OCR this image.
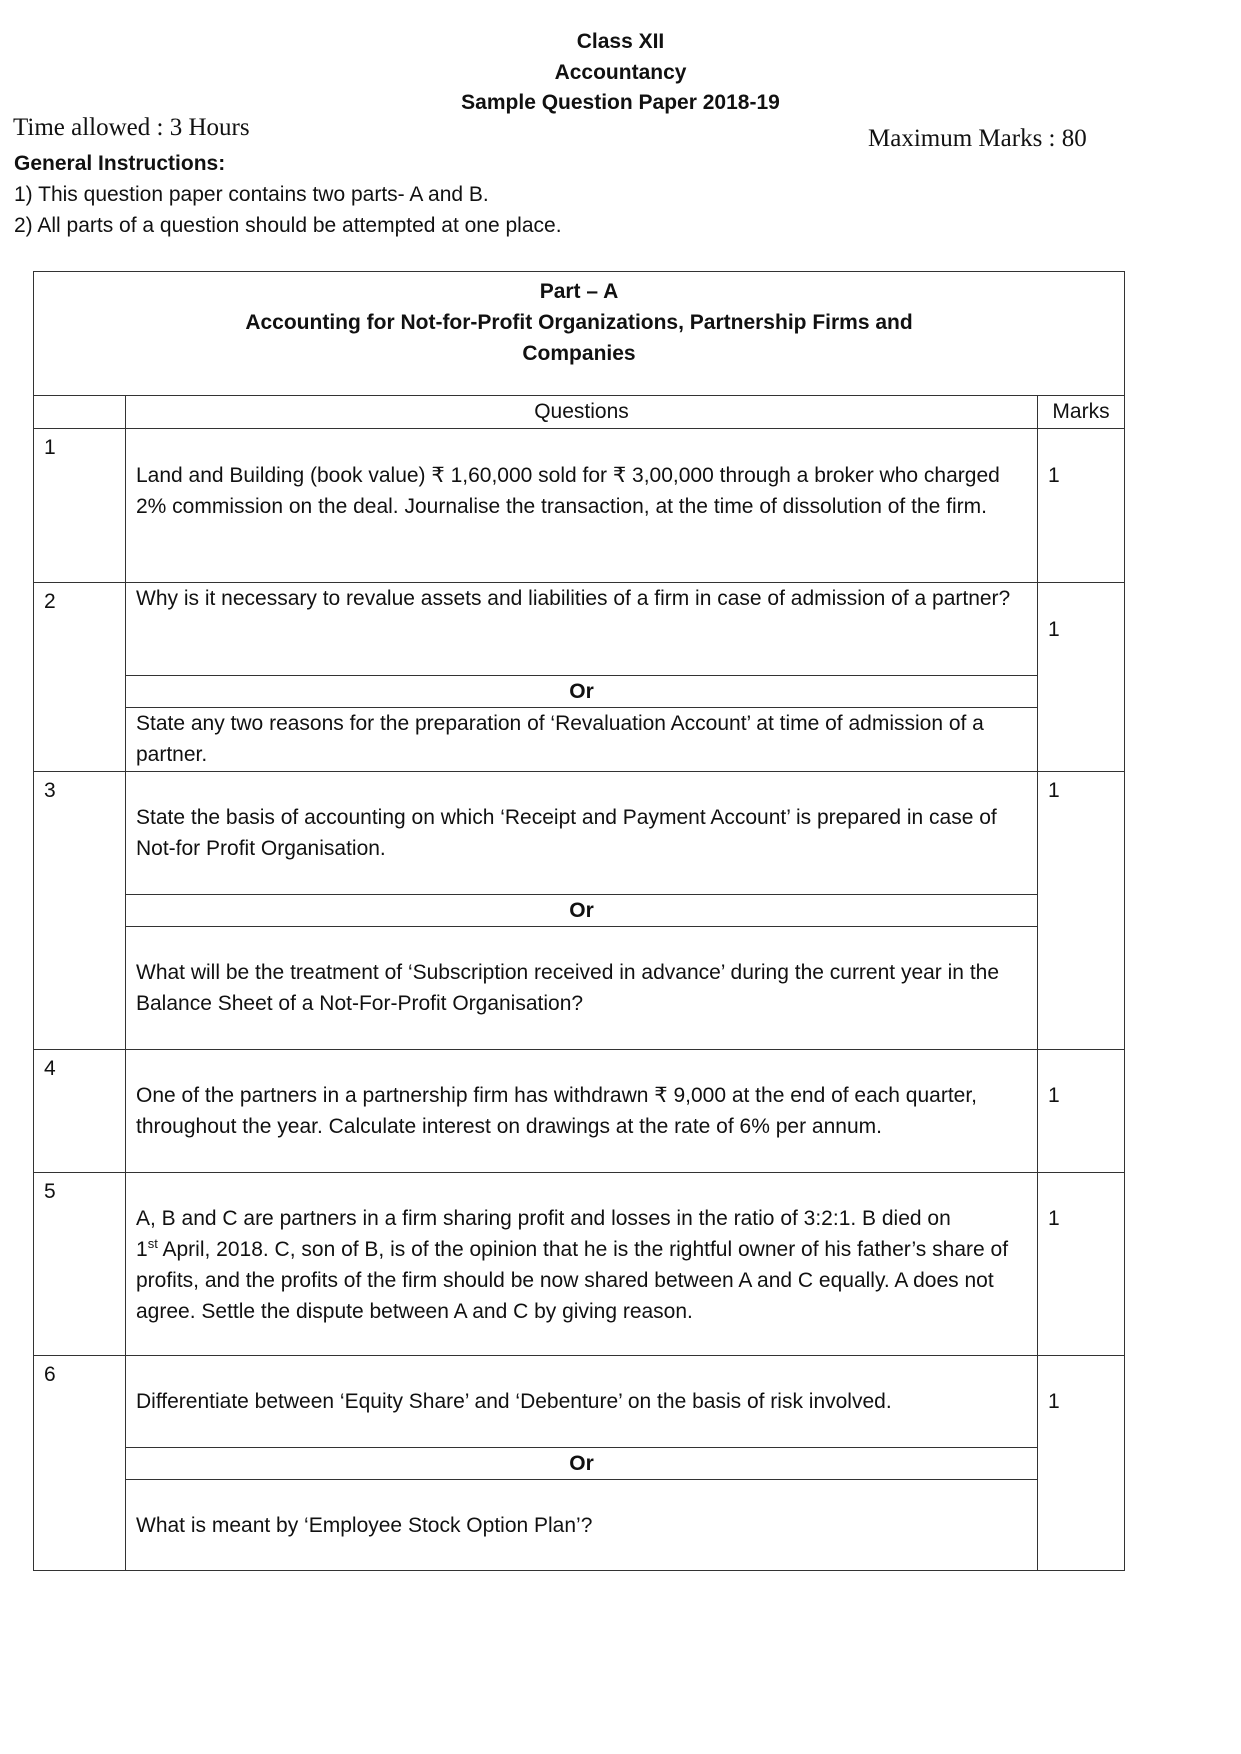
Class XII
Accountancy
Sample Question Paper 2018-19
Time allowed : 3 Hours	Maximum Marks : 80
General Instructions:
1) This question paper contains two parts- A and B.
2) All parts of a question should be attempted at one place.
Part – A
Accounting for Not-for-Profit Organizations, Partnership Firms and
Companies		

	Questions	Marks
1	Land and Building (book value) ₹ 1,60,000 sold for ₹ 3,00,000 through a broker who charged 2% commission on the deal. Journalise the transaction, at the time of dissolution of the firm.	1
2	Why is it necessary to revalue assets and liabilities of a firm in case of admission of a partner?
Or
State any two reasons for the preparation of ‘Revaluation Account’ at time of admission of a partner.	1
3	State the basis of accounting on which ‘Receipt and Payment Account’ is prepared in case of Not-for Profit Organisation.
Or
What will be the treatment of ‘Subscription received in advance’ during the current year in the Balance Sheet of a Not-For-Profit Organisation?	1
4	One of the partners in a partnership firm has withdrawn ₹ 9,000 at the end of each quarter, throughout the year. Calculate interest on drawings at the rate of 6% per annum.	1
5	A, B and C are partners in a firm sharing profit and losses in the ratio of 3:2:1. B died on
1st April, 2018. C, son of B, is of the opinion that he is the rightful owner of his father’s share of profits, and the profits of the firm should be now shared between A and C equally. A does not agree. Settle the dispute between A and C by giving reason.	1
6	Differentiate between ‘Equity Share’ and ‘Debenture’ on the basis of risk involved.
Or
What is meant by ‘Employee Stock Option Plan’?	1
